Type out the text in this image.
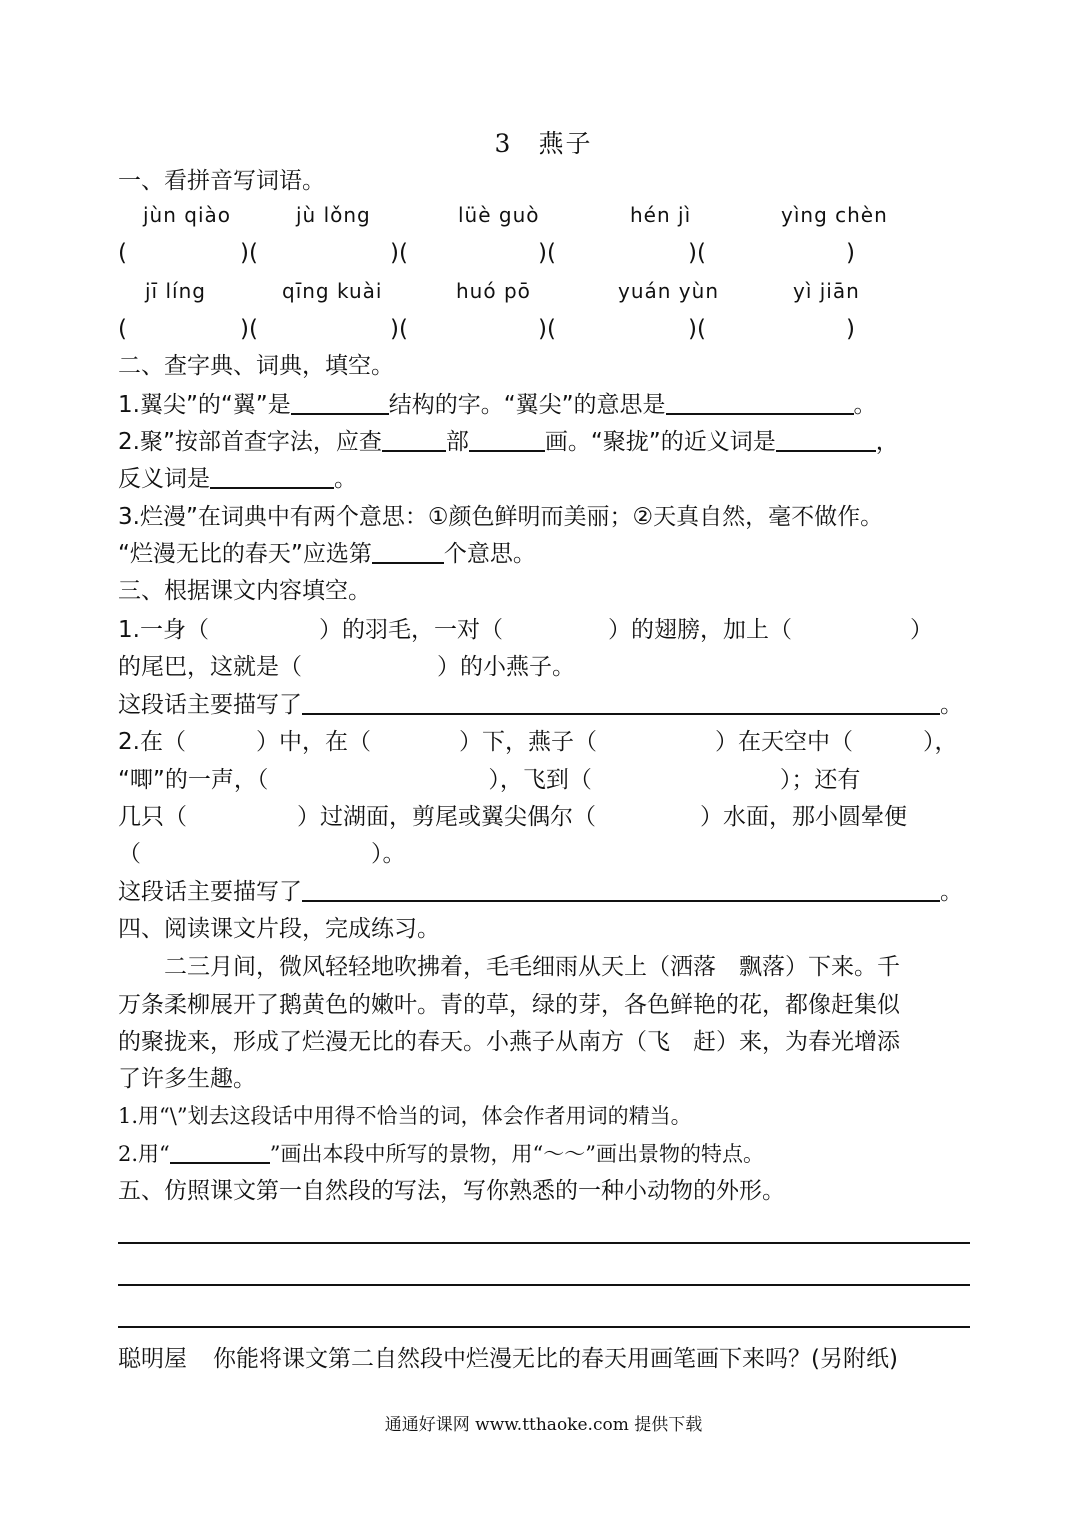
3 燕子
一、看拼音写词语。
jùn qiào	jù lǒng	lüè guò	hén jì	yìng chèn
(	)(	)(	)(	)(	)
jī líng	qīng kuài	huó pō	yuán yùn	yì jiān
(	)(	)(	)(	)(	)
二、查字典、词典，填空。
1.翼尖”的“翼”是	结构的字。“翼尖”的意思是	。
2.聚”按部首查字法，应查	部	画。“聚拢”的近义词是	，
反义词是	。
3.烂漫”在词典中有两个意思：①颜色鲜明而美丽；②天真自然，毫不做作。
“烂漫无比的春天”应选第	个意思。
三、根据课文内容填空。
1.一身（	）的羽毛，一对（	）的翅膀，加上（	）
的尾巴，这就是（	）的小燕子。
这段话主要描写了	。
2.在（	）中，在（	）下，燕子（	）在天空中（	），
“唧”的一声，（	），飞到（	）；还有
几只（	）过湖面，剪尾或翼尖偶尔（	）水面，那小圆晕便
（	）。
这段话主要描写了	。
四、阅读课文片段，完成练习。
二三月间，微风轻轻地吹拂着，毛毛细雨从天上（洒落　飘落）下来。千
万条柔柳展开了鹅黄色的嫩叶。青的草，绿的芽，各色鲜艳的花，都像赶集似
的聚拢来，形成了烂漫无比的春天。小燕子从南方（飞　赶）来，为春光增添
了许多生趣。
1.用“\”划去这段话中用得不恰当的词，体会作者用词的精当。
2.用“	”画出本段中所写的景物，用“～～”画出景物的特点。
五、仿照课文第一自然段的写法，写你熟悉的一种小动物的外形。
聪明屋 你能将课文第二自然段中烂漫无比的春天用画笔画下来吗？(另附纸)
通通好课网 www.tthaoke.com 提供下载
